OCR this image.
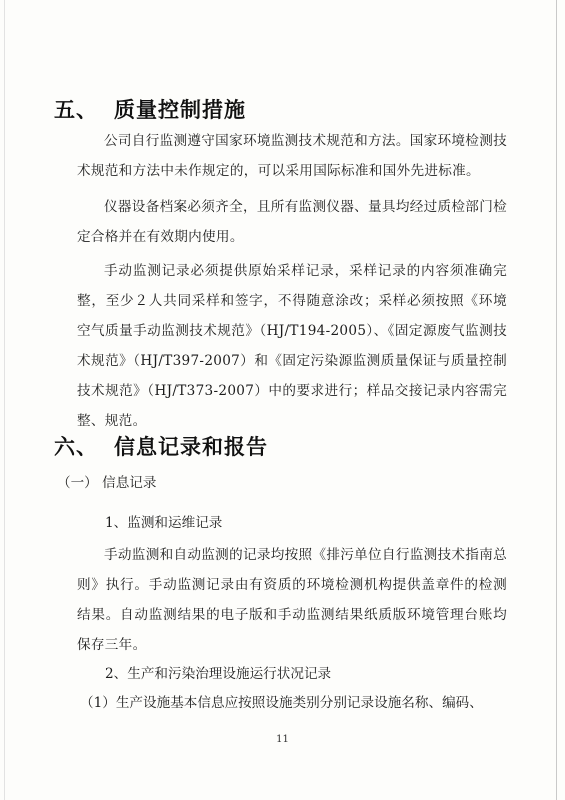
五、 质量控制措施
公司自行监测遵守国家环境监测技术规范和方法。国家环境检测技术规范和方法中未作规定的，可以采用国际标准和国外先进标准。
仪器设备档案必须齐全，且所有监测仪器、量具均经过质检部门检定合格并在有效期内使用。
手动监测记录必须提供原始采样记录，采样记录的内容须准确完整，至少２人共同采样和签字，不得随意涂改；采样必须按照《环境空气质量手动监测技术规范》（HJ/T194-2005）、《固定源废气监测技术规范》（HJ/T397-2007）和《固定污染源监测质量保证与质量控制技术规范》（HJ/T373-2007）中的要求进行；样品交接记录内容需完整、规范。
六、 信息记录和报告
（一） 信息记录
1、监测和运维记录
手动监测和自动监测的记录均按照《排污单位自行监测技术指南总则》执行。手动监测记录由有资质的环境检测机构提供盖章件的检测结果。自动监测结果的电子版和手动监测结果纸质版环境管理台账均保存三年。
2、生产和污染治理设施运行状况记录
（1）生产设施基本信息应按照设施类别分别记录设施名称、编码、
11
